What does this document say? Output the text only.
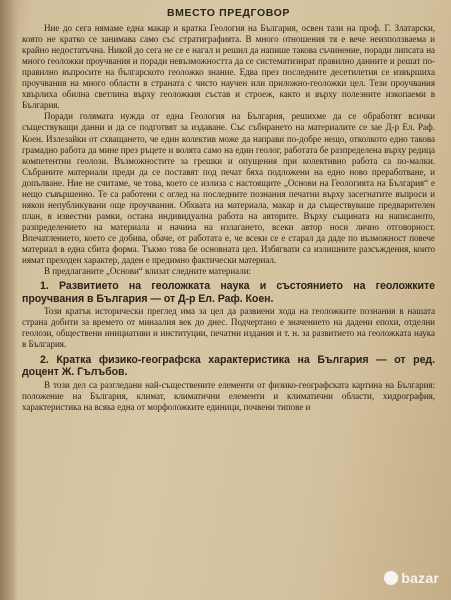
ВМЕСТО ПРЕДГОВОР

Ние до сега нямаме една макар и кратка Геология на България, освен тази на проф. Г. Златарски, която не кратко се занимава само със стратиграфията. В много отношения тя е вече неизползваема и крайно недостатъчна. Никой до сега не се е нагал и решил да напише такова съчинение, поради липсата на много геоложки проучвания и поради невъзможността да се систематизират правилно данните и решат по-правилно въпросите на българското геоложко знание. Едва през последните десетилетия се извършиха проучвания на много области в страната с чисто научен или приложно-геоложки цел. Тези проучвания хвърлиха обилна светлина върху геоложкия състав и строеж, както и върху полезните изкопаеми в България.

Поради голямата нужда от една Геология на България, решихме да се обработят всички съществуващи данни и да се подготвят за издаване. Със събирането на материалите се зае Д-р Ел. Раф. Коен. Излезайки от схващането, че един колектив може да направи по-добре нещо, отколкото едно такова грамадно работа да мине през ръцете и волята само на един геолог, работата бе разпределена върху редица компетентни геолози. Възможностите за грешки и опущения при колективно работа са по-малки. Събраните материали преди да се поставят под печат бяха подложени на едно ново преработване, и допълване. Ние не считаме, че това, което се излиза с настоящите „Основи на Геологията на България“ е нещо съвършенно. Те са работени с оглед на последните познания печатни върху засегнатите въпроси и някои непубликувани още проучвания. Обхвата на материала, макар и да съществуваше предварителен план, в известни рамки, остана индивидуална работа на авторите. Върху същината на написаното, разпределението на материала и начина на излагането, всеки автор носи лично отговорност. Впечатлението, което се добива, обаче, от работата е, че всеки се е старал да даде по възможност повече материал в една сбита форма. Тъкмо това бе основната цел. Избягвати са излишните разсъждения, които нямат преходен характер, даден е предимно фактически материал.

В предлаганите „Основи“ влизат следните материали:

1. Развитието на геоложката наука и състоянието на геоложките проучвания в България — от Д-р Ел. Раф. Коен.

Този кратък исторически преглед има за цел да развиени хода на геоложките познания в нашата страна добити за времето от минаалия век до днес. Подчертано е значението на дадени епохи, отделни геолози, обществени инициативи и институции, печатни издания и т. н. за развитието на геоложката наука в България.

2. Кратка физико-географска характеристика на България — от ред. доцент Ж. Гълъбов.

В този дел са разгледани най-съществените елементи от физико-географската картина на България: положение на България, климат, климатични елементи и климатични области, хидрография, характеристика на всяка една от морфоложките единици, почвени типове и

bazar
